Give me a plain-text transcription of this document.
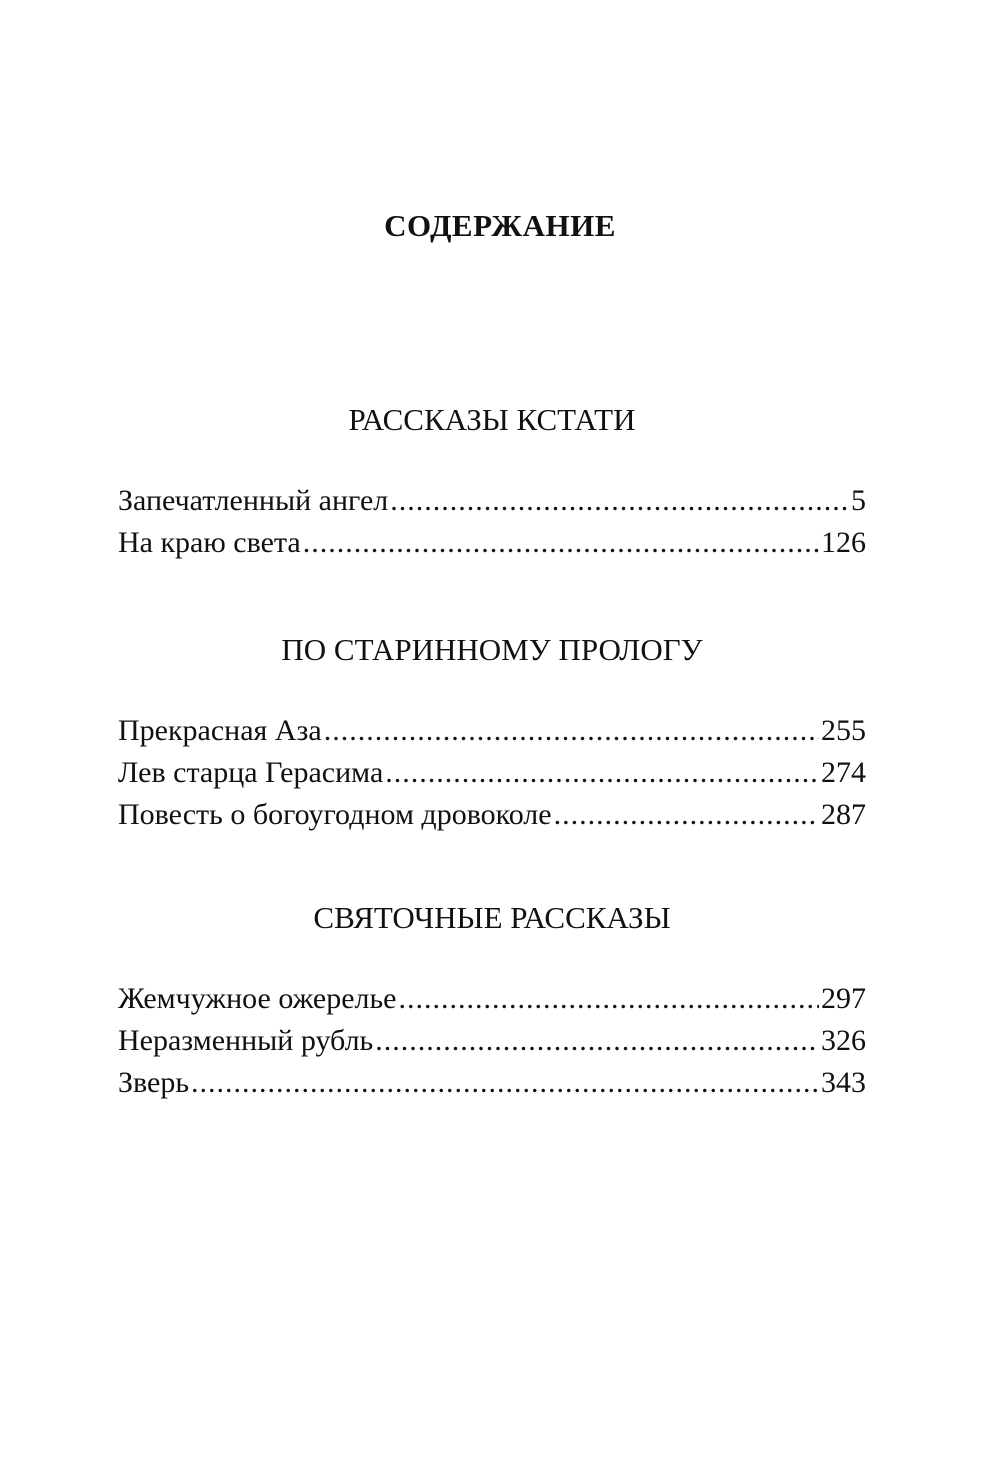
СОДЕРЖАНИЕ
РАССКАЗЫ КСТАТИ
Запечатленный ангел .....	5
На краю света .....	126
ПО СТАРИННОМУ ПРОЛОГУ
Прекрасная Аза .....	255
Лев старца Герасима .....	274
Повесть о богоугодном дровоколе .....	287
СВЯТОЧНЫЕ РАССКАЗЫ
Жемчужное ожерелье .....	297
Неразменный рубль .....	326
Зверь .....	343
